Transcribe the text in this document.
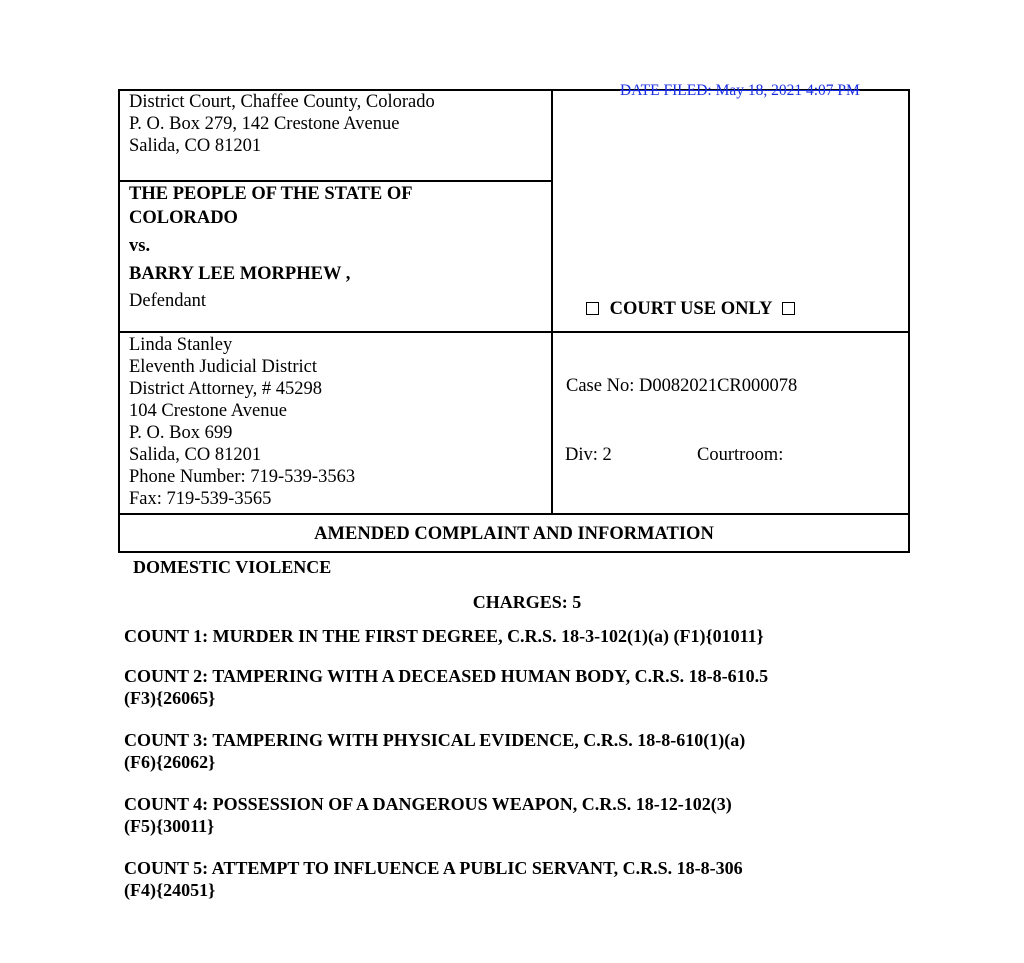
DATE FILED: May 18, 2021 4:07 PM
District Court, Chaffee County, Colorado
P. O. Box 279, 142 Crestone Avenue
Salida, CO 81201
THE PEOPLE OF THE STATE OF
COLORADO
vs.
BARRY LEE MORPHEW ,
Defendant	COURT USE ONLY
Linda Stanley
Eleventh Judicial District
District Attorney, # 45298
104 Crestone Avenue
P. O. Box 699
Salida, CO 81201
Phone Number: 719-539-3563
Fax: 719-539-3565
Case No: D0082021CR000078
Div: 2	Courtroom:
AMENDED COMPLAINT AND INFORMATION
DOMESTIC VIOLENCE
CHARGES: 5
COUNT 1: MURDER IN THE FIRST DEGREE, C.R.S. 18-3-102(1)(a) (F1){01011}
COUNT 2: TAMPERING WITH A DECEASED HUMAN BODY, C.R.S. 18-8-610.5
(F3){26065}
COUNT 3: TAMPERING WITH PHYSICAL EVIDENCE, C.R.S. 18-8-610(1)(a)
(F6){26062}
COUNT 4: POSSESSION OF A DANGEROUS WEAPON, C.R.S. 18-12-102(3)
(F5){30011}
COUNT 5: ATTEMPT TO INFLUENCE A PUBLIC SERVANT, C.R.S. 18-8-306
(F4){24051}
